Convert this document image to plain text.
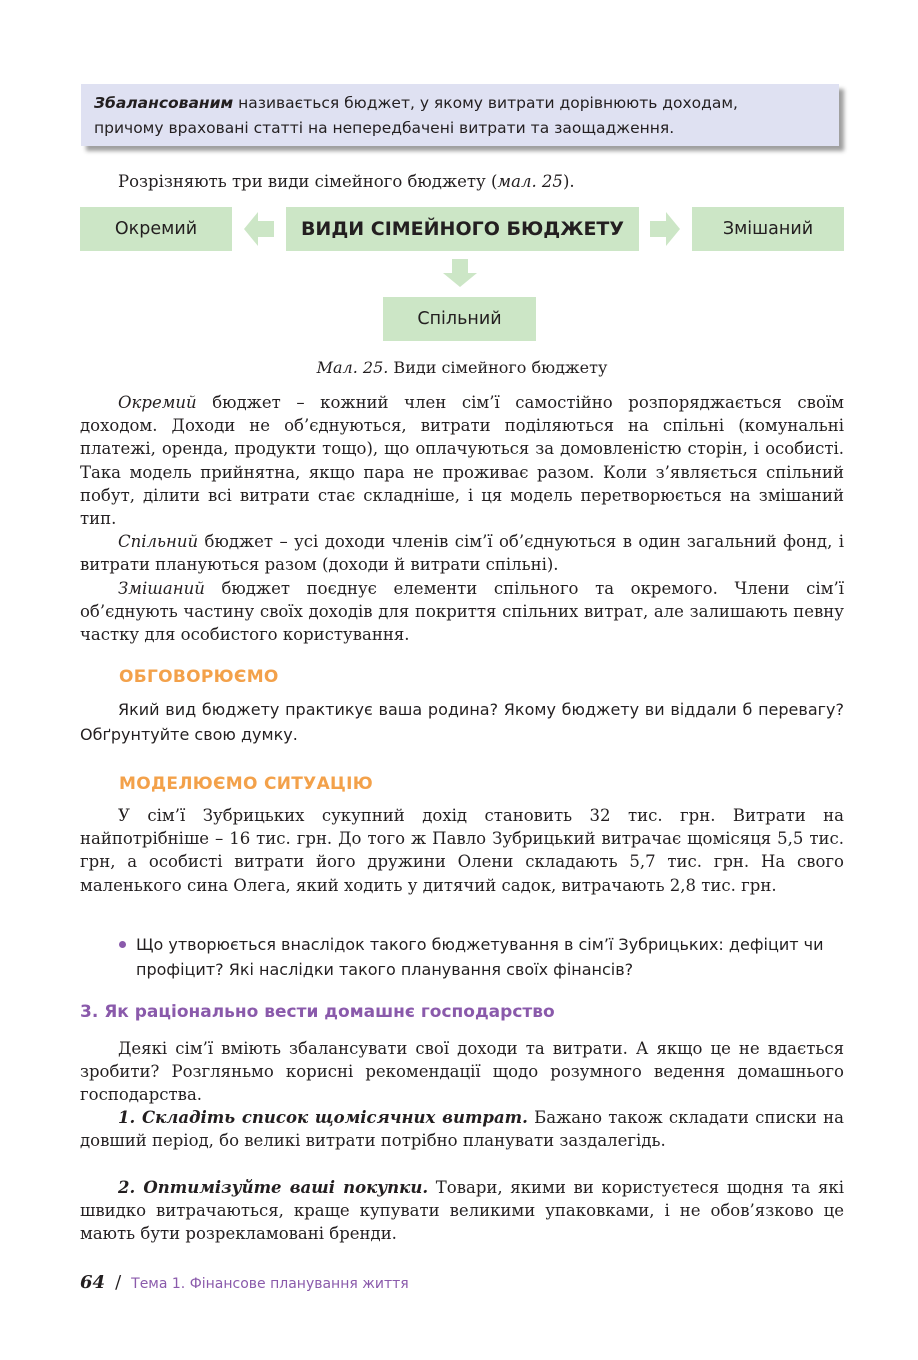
Збалансованим називається бюджет, у якому витрати дорівнюють доходам,
причому враховані статті на непередбачені витрати та заощадження.
Розрізняють три види сімейного бюджету (мал. 25).
Окремий	ВИДИ СІМЕЙНОГО БЮДЖЕТУ	Змішаний
Спільний
Мал. 25. Види сімейного бюджету
Окремий бюджет – кожний член сім’ї самостійно розпоряджається своїм доходом. Доходи не об’єднуються, витрати поділяються на спільні (комунальні платежі, оренда, продукти тощо), що оплачуються за домовленістю сторін, і особисті. Така модель прийнятна, якщо пара не проживає разом. Коли з’являється спільний побут, ділити всі витрати стає складніше, і ця модель перетворюється на змішаний тип.
Спільний бюджет – усі доходи членів сім’ї об’єднуються в один загальний фонд, і витрати плануються разом (доходи й витрати спільні).
Змішаний бюджет поєднує елементи спільного та окремого. Члени сім’ї об’єднують частину своїх доходів для покриття спільних витрат, але залишають певну частку для особистого користування.
ОБГОВОРЮЄМО
Який вид бюджету практикує ваша родина? Якому бюджету ви віддали б перевагу? Обґрунтуйте свою думку.
МОДЕЛЮЄМО СИТУАЦІЮ
У сім’ї Зубрицьких сукупний дохід становить 32 тис. грн. Витрати на найпотрібніше – 16 тис. грн. До того ж Павло Зубрицький витрачає щомісяця 5,5 тис. грн, а особисті витрати його дружини Олени складають 5,7 тис. грн. На свого маленького сина Олега, який ходить у дитячий садок, витрачають 2,8 тис. грн.
Що утворюється внаслідок такого бюджетування в сім’ї Зубрицьких: дефіцит чи профіцит? Які наслідки такого планування своїх фінансів?
3. Як раціонально вести домашнє господарство
Деякі сім’ї вміють збалансувати свої доходи та витрати. А якщо це не вдається зробити? Розгляньмо корисні рекомендації щодо розумного ведення домашнього господарства.
1. Складіть список щомісячних витрат. Бажано також складати списки на довший період, бо великі витрати потрібно планувати заздалегідь.
2. Оптимізуйте ваші покупки. Товари, якими ви користуєтеся щодня та які швидко витрачаються, краще купувати великими упаковками, і не обов’язково це мають бути розрекламовані бренди.
64 / Тема 1. Фінансове планування життя
